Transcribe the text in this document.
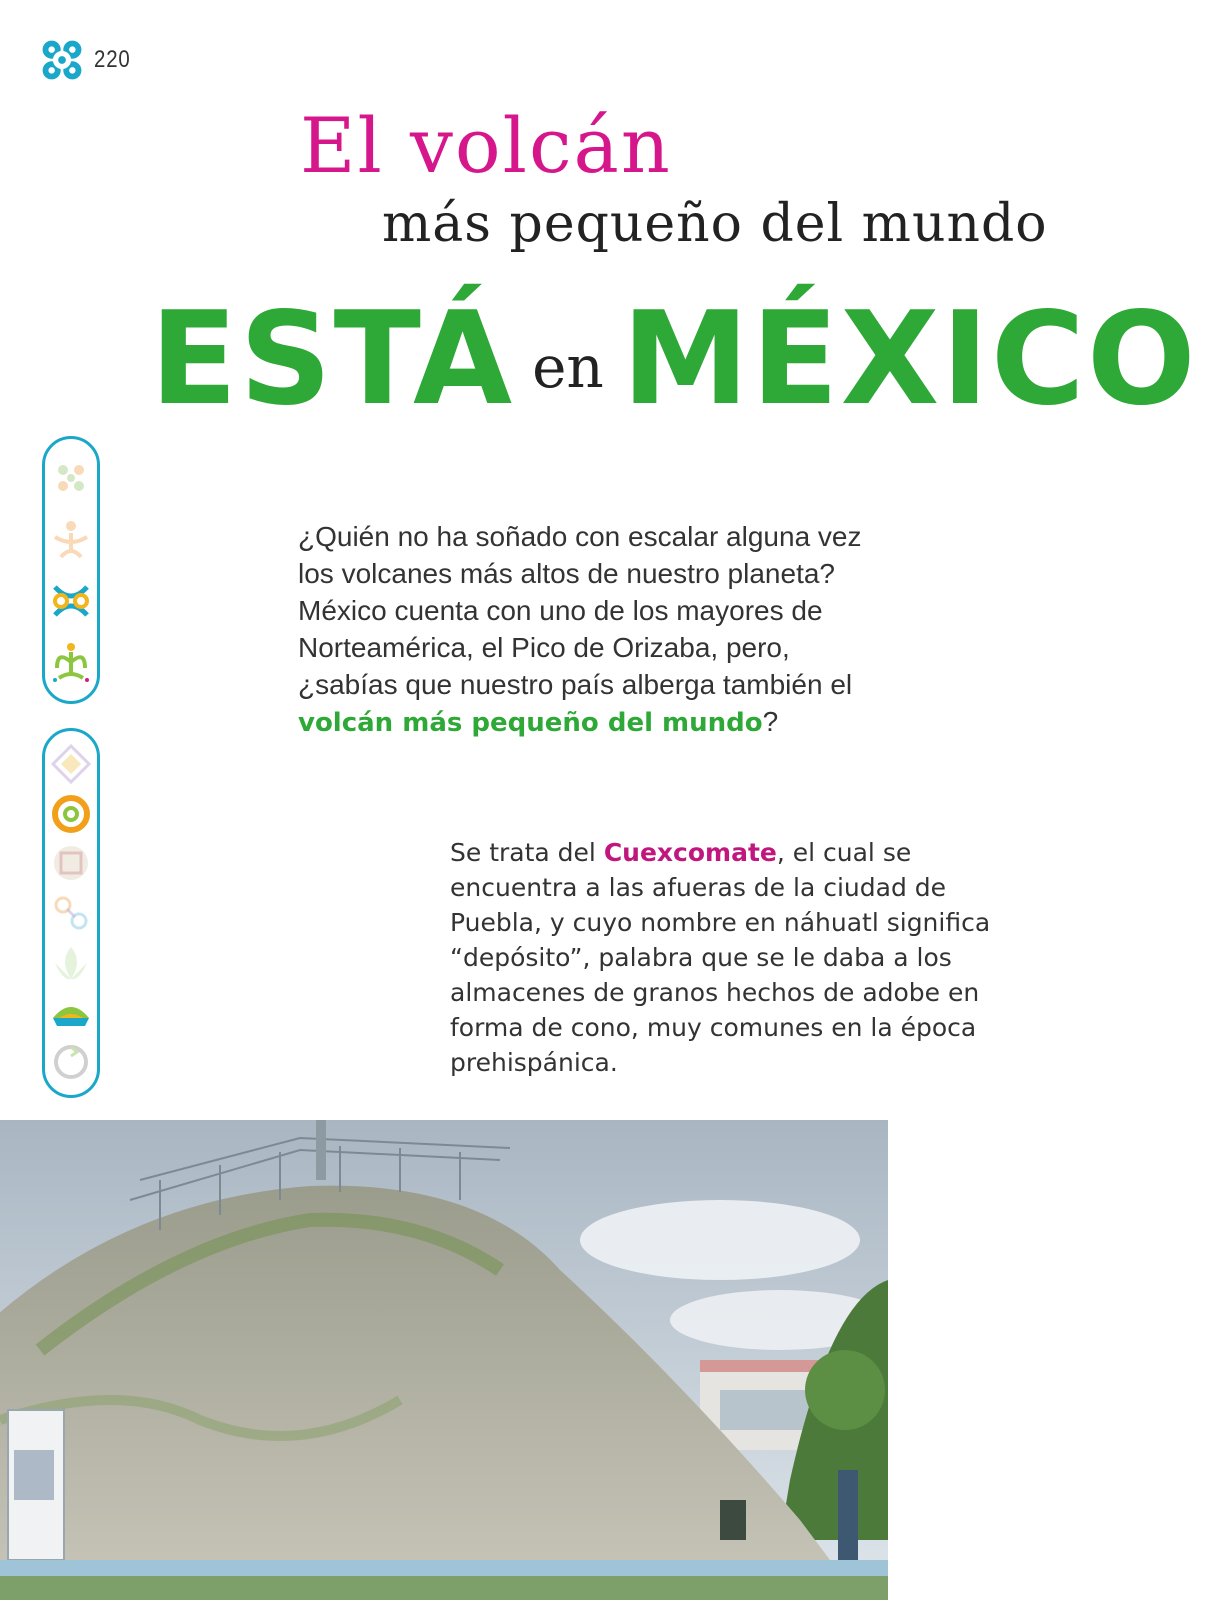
220
El volcán
más pequeño del mundo
ESTÁ en MÉXICO

¿Quién no ha soñado con escalar alguna vez los volcanes más altos de nuestro planeta? México cuenta con uno de los mayores de Norteamérica, el Pico de Orizaba, pero, ¿sabías que nuestro país alberga también el volcán más pequeño del mundo?

Se trata del Cuexcomate, el cual se encuentra a las afueras de la ciudad de Puebla, y cuyo nombre en náhuatl significa “depósito”, palabra que se le daba a los almacenes de granos hechos de adobe en forma de cono, muy comunes en la época prehispánica.
